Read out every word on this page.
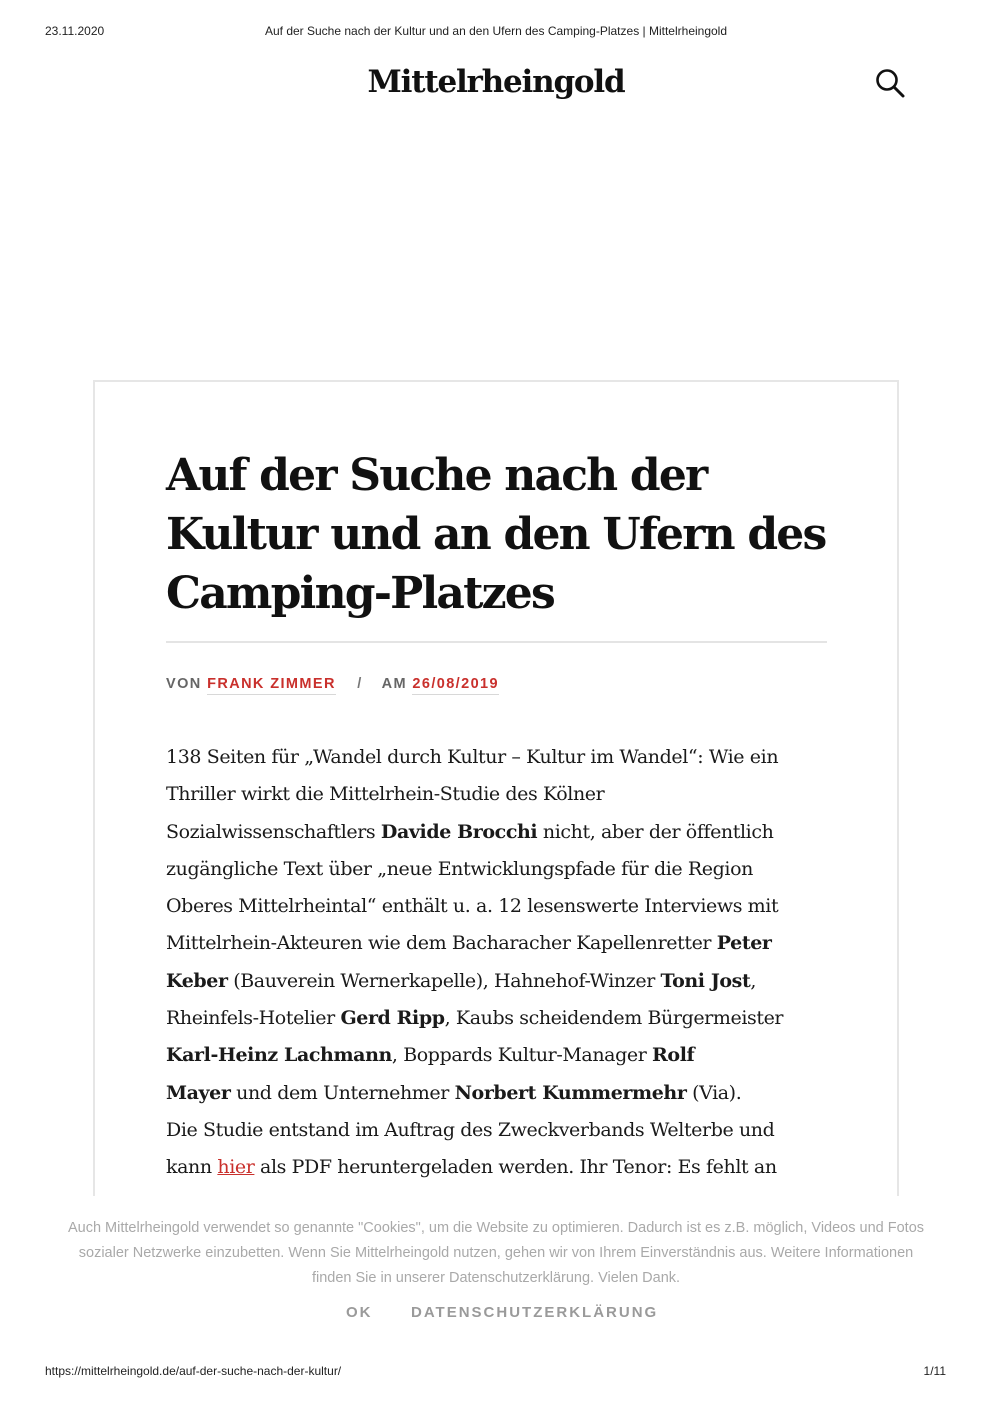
23.11.2020	Auf der Suche nach der Kultur und an den Ufern des Camping-Platzes | Mittelrheingold
Mittelrheingold
Auf der Suche nach der Kultur und an den Ufern des Camping-Platzes
VON FRANK ZIMMER / AM 26/08/2019
138 Seiten für „Wandel durch Kultur – Kultur im Wandel“: Wie ein
Thriller wirkt die Mittelrhein-Studie des Kölner
Sozialwissenschaftlers Davide Brocchi nicht, aber der öffentlich
zugängliche Text über „neue Entwicklungspfade für die Region
Oberes Mittelrheintal“ enthält u. a. 12 lesenswerte Interviews mit
Mittelrhein-Akteuren wie dem Bacharacher Kapellenretter Peter
Keber (Bauverein Wernerkapelle), Hahnehof-Winzer Toni Jost,
Rheinfels-Hotelier Gerd Ripp, Kaubs scheidendem Bürgermeister
Karl-Heinz Lachmann, Boppards Kultur-Manager Rolf
Mayer und dem Unternehmer Norbert Kummermehr (Via).
Die Studie entstand im Auftrag des Zweckverbands Welterbe und
kann hier als PDF heruntergeladen werden. Ihr Tenor: Es fehlt an

Auch Mittelrheingold verwendet so genannte "Cookies", um die Website zu optimieren. Dadurch ist es z.B. möglich, Videos und Fotos sozialer Netzwerke einzubetten. Wenn Sie Mittelrheingold nutzen, gehen wir von Ihrem Einverständnis aus. Weitere Informationen finden Sie in unserer Datenschutzerklärung. Vielen Dank.

OK	DATENSCHUTZERKLÄRUNG
https://mittelrheingold.de/auf-der-suche-nach-der-kultur/	1/11
